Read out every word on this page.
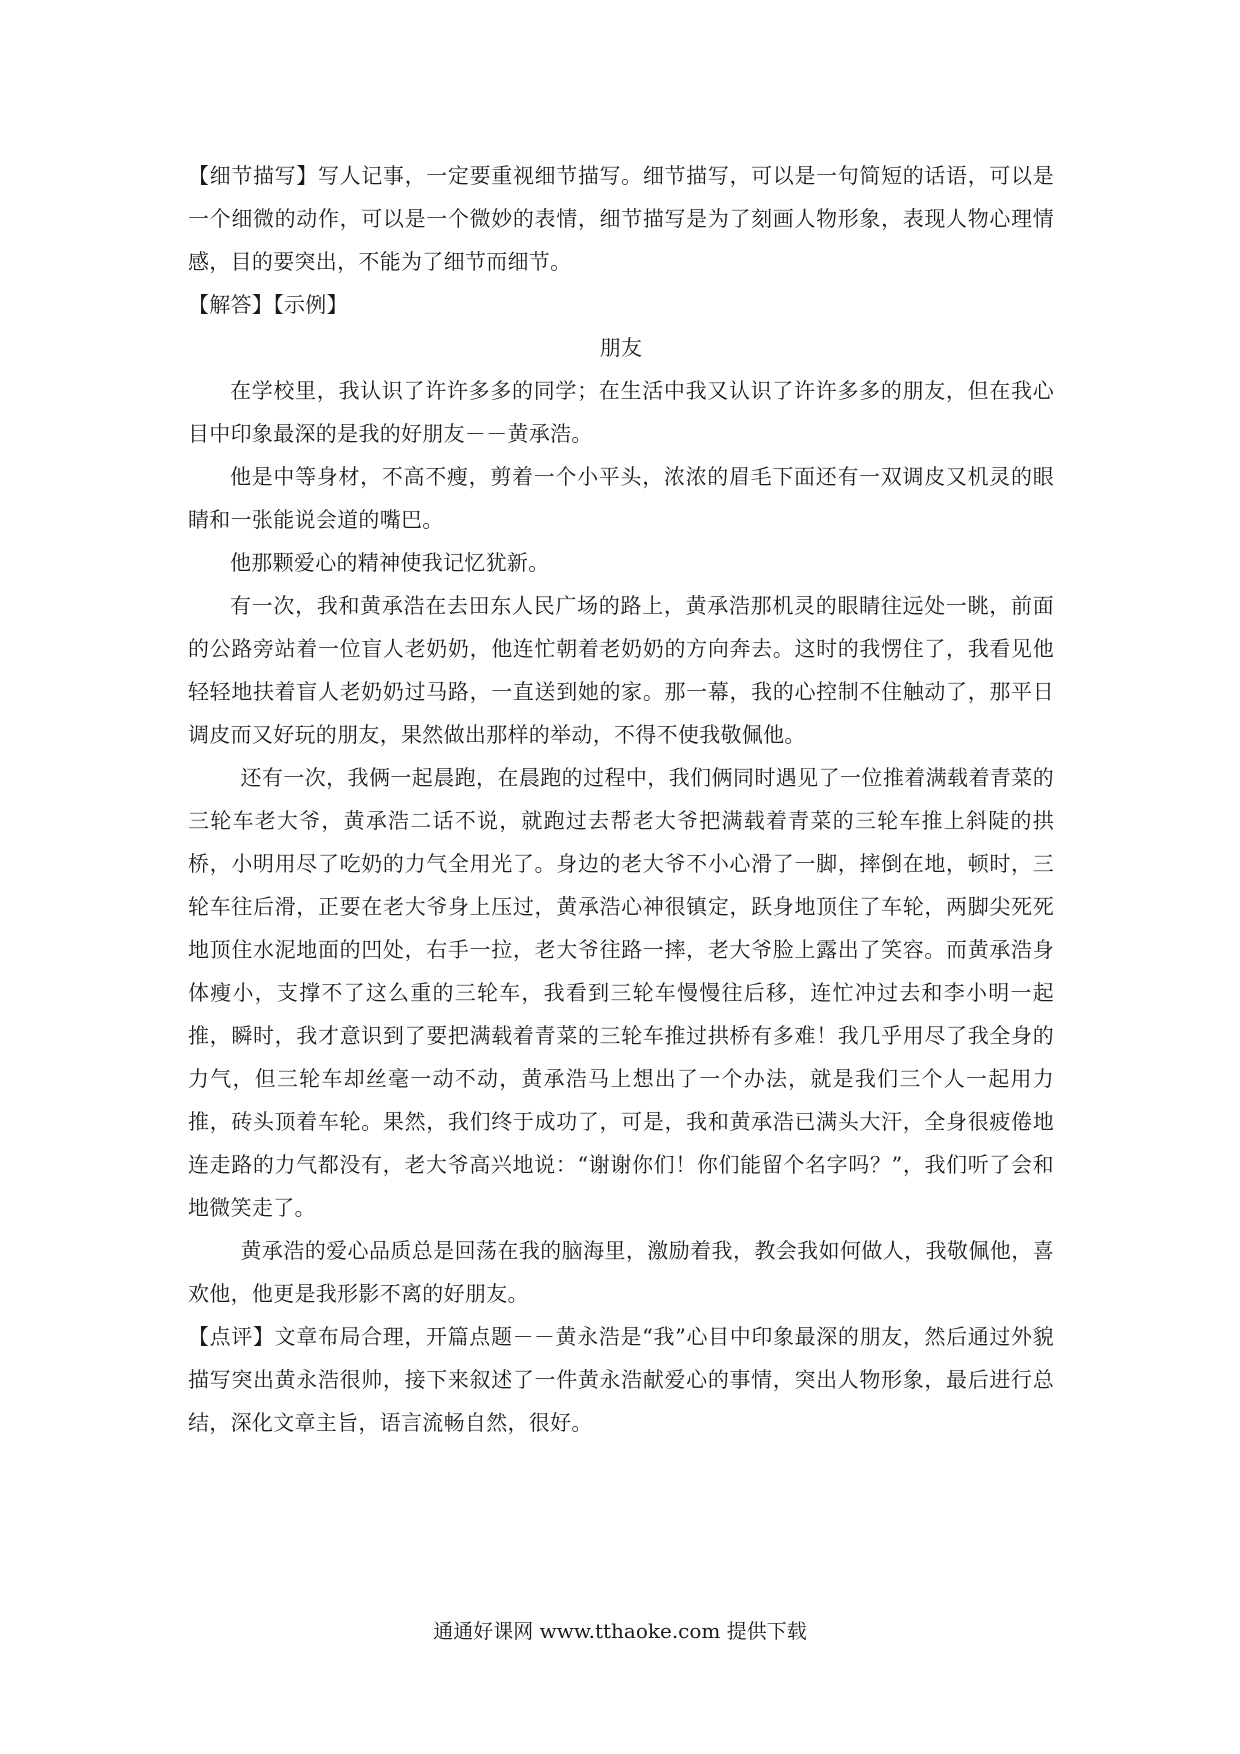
【细节描写】写人记事，一定要重视细节描写。细节描写，可以是一句简短的话语，可以是一个细微的动作，可以是一个微妙的表情，细节描写是为了刻画人物形象，表现人物心理情感，目的要突出，不能为了细节而细节。

【解答】【示例】

朋友

在学校里，我认识了许许多多的同学；在生活中我又认识了许许多多的朋友，但在我心目中印象最深的是我的好朋友－－黄承浩。

他是中等身材，不高不瘦，剪着一个小平头，浓浓的眉毛下面还有一双调皮又机灵的眼睛和一张能说会道的嘴巴。

他那颗爱心的精神使我记忆犹新。

有一次，我和黄承浩在去田东人民广场的路上，黄承浩那机灵的眼睛往远处一眺，前面的公路旁站着一位盲人老奶奶，他连忙朝着老奶奶的方向奔去。这时的我愣住了，我看见他轻轻地扶着盲人老奶奶过马路，一直送到她的家。那一幕，我的心控制不住触动了，那平日调皮而又好玩的朋友，果然做出那样的举动，不得不使我敬佩他。

还有一次，我俩一起晨跑，在晨跑的过程中，我们俩同时遇见了一位推着满载着青菜的三轮车老大爷，黄承浩二话不说，就跑过去帮老大爷把满载着青菜的三轮车推上斜陡的拱桥，小明用尽了吃奶的力气全用光了。身边的老大爷不小心滑了一脚，摔倒在地，顿时，三轮车往后滑，正要在老大爷身上压过，黄承浩心神很镇定，跃身地顶住了车轮，两脚尖死死地顶住水泥地面的凹处，右手一拉，老大爷往路一摔，老大爷脸上露出了笑容。而黄承浩身体瘦小，支撑不了这么重的三轮车，我看到三轮车慢慢往后移，连忙冲过去和李小明一起推，瞬时，我才意识到了要把满载着青菜的三轮车推过拱桥有多难！我几乎用尽了我全身的力气，但三轮车却丝毫一动不动，黄承浩马上想出了一个办法，就是我们三个人一起用力推，砖头顶着车轮。果然，我们终于成功了，可是，我和黄承浩已满头大汗，全身很疲倦地连走路的力气都没有，老大爷高兴地说：“谢谢你们！你们能留个名字吗？”，我们听了会和地微笑走了。

黄承浩的爱心品质总是回荡在我的脑海里，激励着我，教会我如何做人，我敬佩他，喜欢他，他更是我形影不离的好朋友。

【点评】文章布局合理，开篇点题－－黄永浩是“我”心目中印象最深的朋友，然后通过外貌描写突出黄永浩很帅，接下来叙述了一件黄永浩献爱心的事情，突出人物形象，最后进行总结，深化文章主旨，语言流畅自然，很好。

通通好课网 www.tthaoke.com 提供下载
